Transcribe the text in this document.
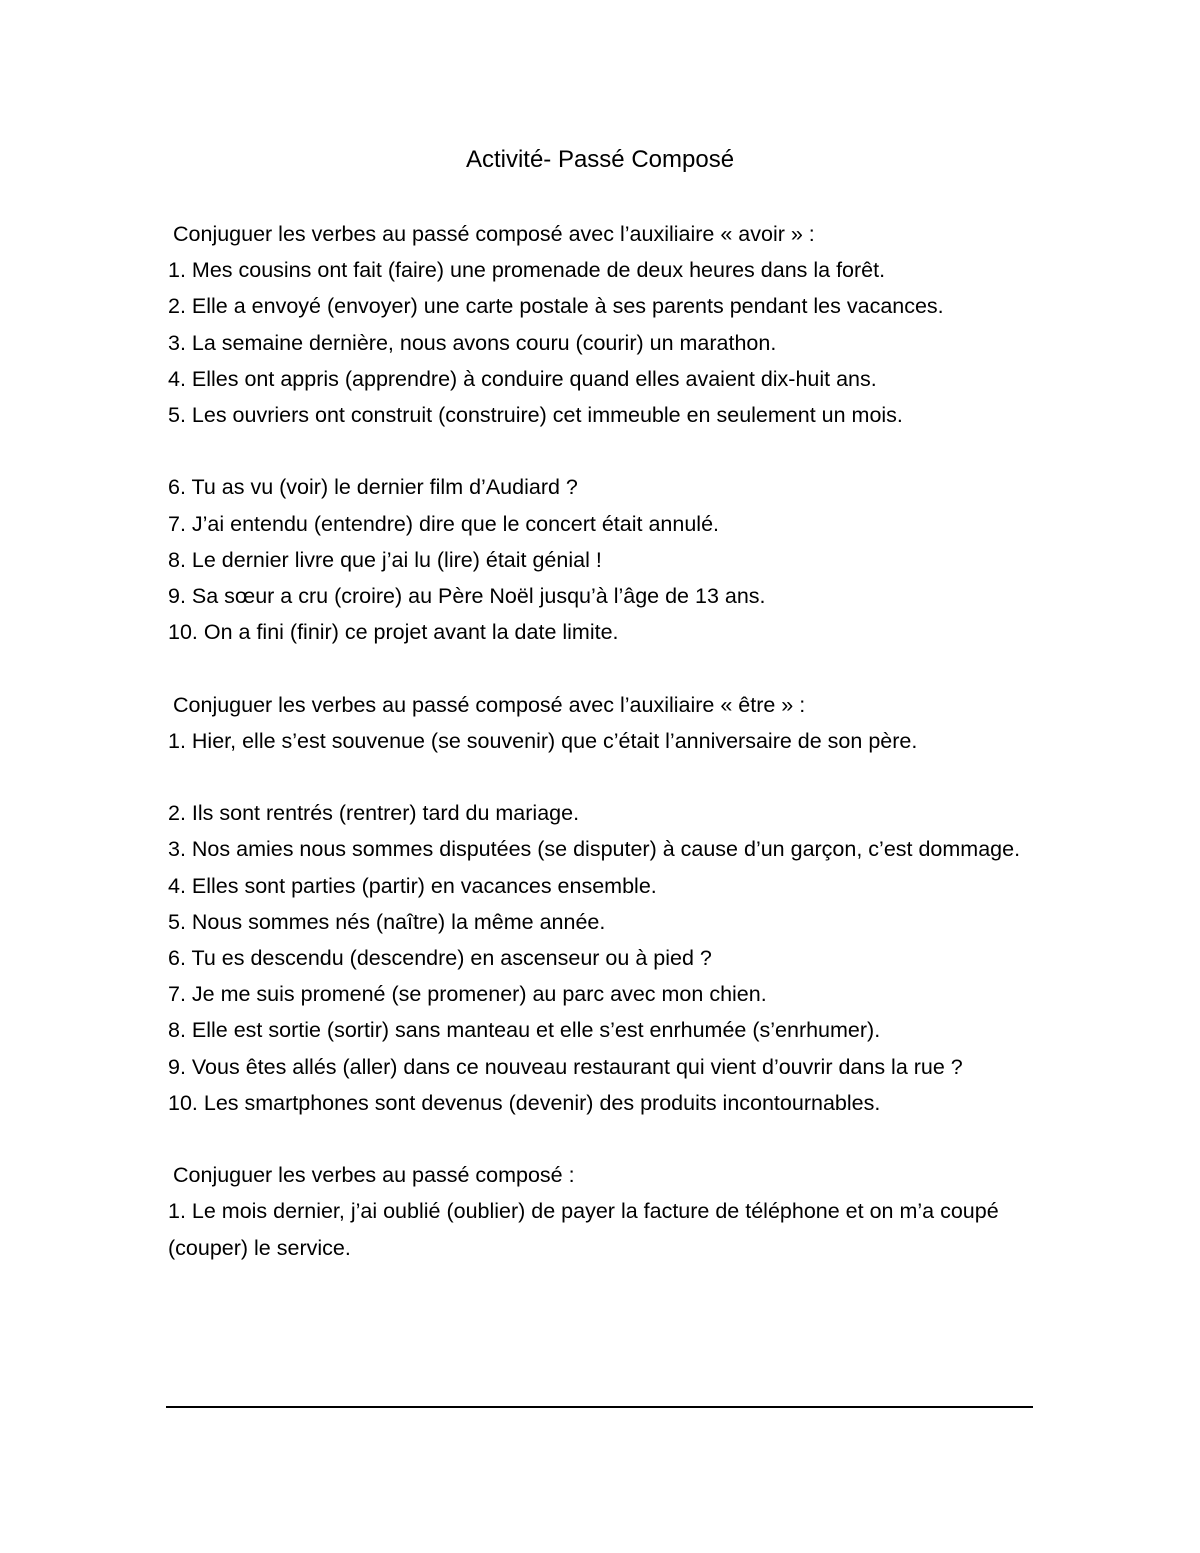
Activité- Passé Composé

Conjuguer les verbes au passé composé avec l’auxiliaire « avoir » :

1. Mes cousins ont fait (faire) une promenade de deux heures dans la forêt.

2. Elle a envoyé (envoyer) une carte postale à ses parents pendant les vacances.

3. La semaine dernière, nous avons couru (courir) un marathon.

4. Elles ont appris (apprendre) à conduire quand elles avaient dix-huit ans.

5. Les ouvriers ont construit (construire) cet immeuble en seulement un mois.

6. Tu as vu (voir) le dernier film d’Audiard ?

7. J’ai entendu (entendre) dire que le concert était annulé.

8. Le dernier livre que j’ai lu (lire) était génial !

9. Sa sœur a cru (croire) au Père Noël jusqu’à l’âge de 13 ans.

10. On a fini (finir) ce projet avant la date limite.

Conjuguer les verbes au passé composé avec l’auxiliaire « être » :

1. Hier, elle s’est souvenue (se souvenir) que c’était l’anniversaire de son père.

2. Ils sont rentrés (rentrer) tard du mariage.

3. Nos amies nous sommes disputées (se disputer) à cause d’un garçon, c’est dommage.

4. Elles sont parties (partir) en vacances ensemble.

5. Nous sommes nés (naître) la même année.

6. Tu es descendu (descendre) en ascenseur ou à pied ?

7. Je me suis promené (se promener) au parc avec mon chien.

8. Elle est sortie (sortir) sans manteau et elle s’est enrhumée (s’enrhumer).

9. Vous êtes allés (aller) dans ce nouveau restaurant qui vient d’ouvrir dans la rue ?

10. Les smartphones sont devenus (devenir) des produits incontournables.

Conjuguer les verbes au passé composé :

1. Le mois dernier, j’ai oublié (oublier) de payer la facture de téléphone et on m’a coupé (couper) le service.
